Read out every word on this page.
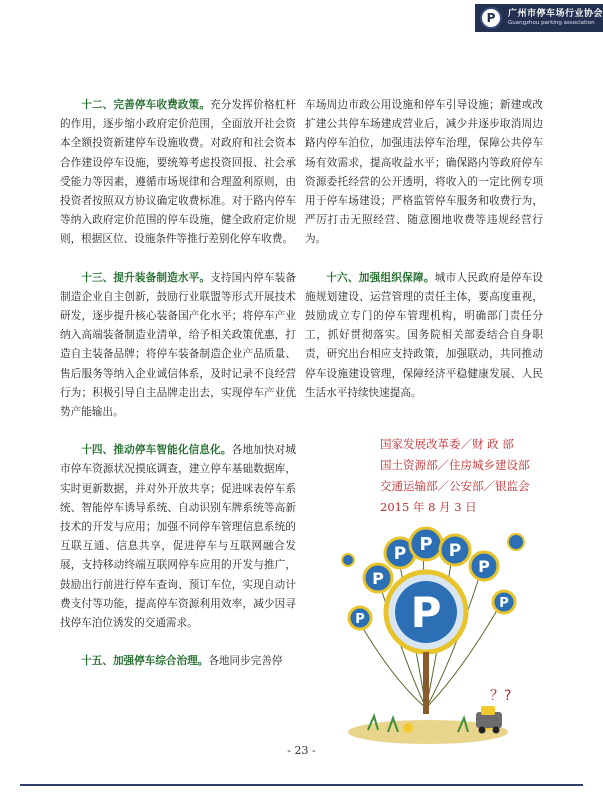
P	广州市停车场行业协会
Guangzhou parking association

十二、完善停车收费政策。充分发挥价格杠杆的作用，逐步缩小政府定价范围，全面放开社会资本全额投资新建停车设施收费。对政府和社会资本合作建设停车设施，要统筹考虑投资回报、社会承受能力等因素，遵循市场规律和合理盈利原则，由投资者按照双方协议确定收费标准。对于路内停车等纳入政府定价范围的停车设施，健全政府定价规则，根据区位、设施条件等推行差别化停车收费。

十三、提升装备制造水平。支持国内停车装备制造企业自主创新，鼓励行业联盟等形式开展技术研发，逐步提升核心装备国产化水平；将停车产业纳入高端装备制造业清单，给予相关政策优惠，打造自主装备品牌；将停车装备制造企业产品质量、售后服务等纳入企业诚信体系，及时记录不良经营行为；积极引导自主品牌走出去，实现停车产业优势产能输出。

十四、推动停车智能化信息化。各地加快对城市停车资源状况摸底调查，建立停车基础数据库，实时更新数据，并对外开放共享；促进咪表停车系统、智能停车诱导系统、自动识别车牌系统等高新技术的开发与应用；加强不同停车管理信息系统的互联互通、信息共享，促进停车与互联网融合发展，支持移动终端互联网停车应用的开发与推广，鼓励出行前进行停车查询、预订车位，实现自动计费支付等功能，提高停车资源利用效率，减少因寻找停车泊位诱发的交通需求。

十五、加强停车综合治理。各地同步完善停

车场周边市政公用设施和停车引导设施；新建或改扩建公共停车场建成营业后，减少并逐步取消周边路内停车泊位，加强违法停车治理，保障公共停车场有效需求，提高收益水平；确保路内等政府停车资源委托经营的公开透明，将收入的一定比例专项用于停车场建设；严格监管停车服务和收费行为，严厉打击无照经营、随意圈地收费等违规经营行为。

十六、加强组织保障。城市人民政府是停车设施规划建设、运营管理的责任主体，要高度重视，鼓励成立专门的停车管理机构，明确部门责任分工，抓好贯彻落实。国务院相关部委结合自身职责，研究出台相应支持政策，加强联动，共同推动停车设施建设管理，保障经济平稳健康发展、人民生活水平持续快速提高。

国家发展改革委／财 政 部
国土资源部／住房城乡建设部
交通运输部／公安部／银监会
2015 年 8 月 3 日
P
P
P P P
P
P
P
？?
- 23 -
